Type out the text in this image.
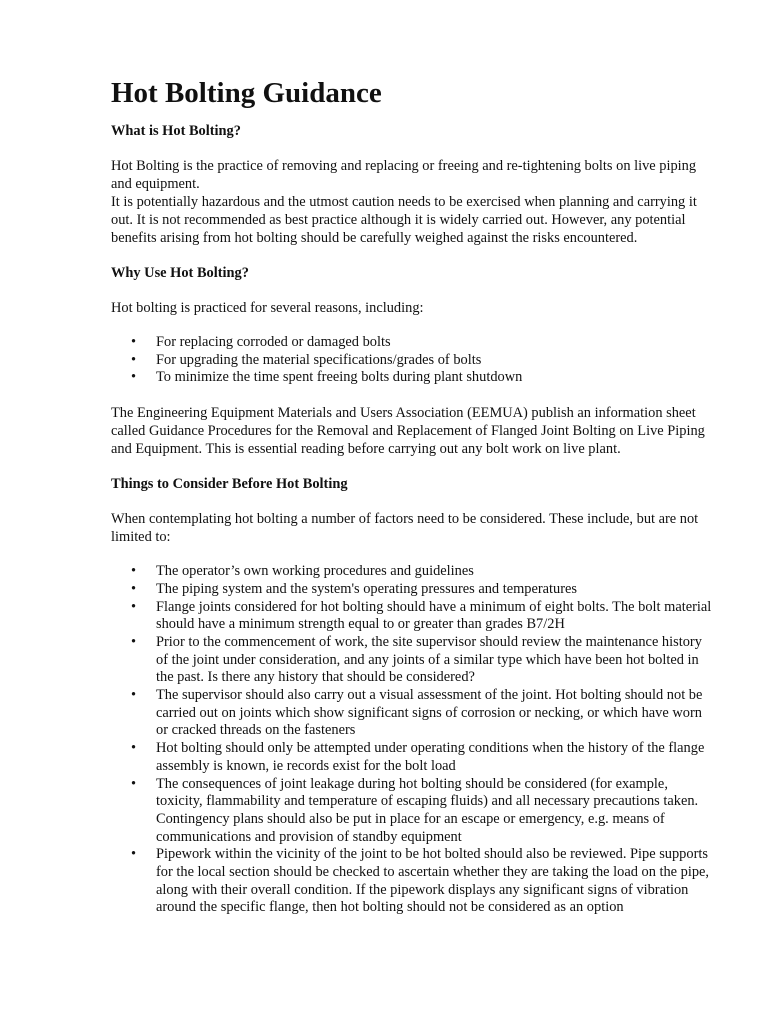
Hot Bolting Guidance
What is Hot Bolting?

Hot Bolting is the practice of removing and replacing or freeing and re-tightening bolts on live piping and equipment.
It is potentially hazardous and the utmost caution needs to be exercised when planning and carrying it out. It is not recommended as best practice although it is widely carried out. However, any potential benefits arising from hot bolting should be carefully weighed against the risks encountered.

Why Use Hot Bolting?

Hot bolting is practiced for several reasons, including:

• For replacing corroded or damaged bolts
• For upgrading the material specifications/grades of bolts
• To minimize the time spent freeing bolts during plant shutdown

The Engineering Equipment Materials and Users Association (EEMUA) publish an information sheet called Guidance Procedures for the Removal and Replacement of Flanged Joint Bolting on Live Piping and Equipment. This is essential reading before carrying out any bolt work on live plant.

Things to Consider Before Hot Bolting

When contemplating hot bolting a number of factors need to be considered. These include, but are not limited to:

• The operator’s own working procedures and guidelines
• The piping system and the system's operating pressures and temperatures
• Flange joints considered for hot bolting should have a minimum of eight bolts. The bolt material should have a minimum strength equal to or greater than grades B7/2H
• Prior to the commencement of work, the site supervisor should review the maintenance history of the joint under consideration, and any joints of a similar type which have been hot bolted in the past. Is there any history that should be considered?
• The supervisor should also carry out a visual assessment of the joint. Hot bolting should not be carried out on joints which show significant signs of corrosion or necking, or which have worn or cracked threads on the fasteners
• Hot bolting should only be attempted under operating conditions when the history of the flange assembly is known, ie records exist for the bolt load
• The consequences of joint leakage during hot bolting should be considered (for example, toxicity, flammability and temperature of escaping fluids) and all necessary precautions taken. Contingency plans should also be put in place for an escape or emergency, e.g. means of communications and provision of standby equipment
• Pipework within the vicinity of the joint to be hot bolted should also be reviewed. Pipe supports for the local section should be checked to ascertain whether they are taking the load on the pipe, along with their overall condition. If the pipework displays any significant signs of vibration around the specific flange, then hot bolting should not be considered as an option
